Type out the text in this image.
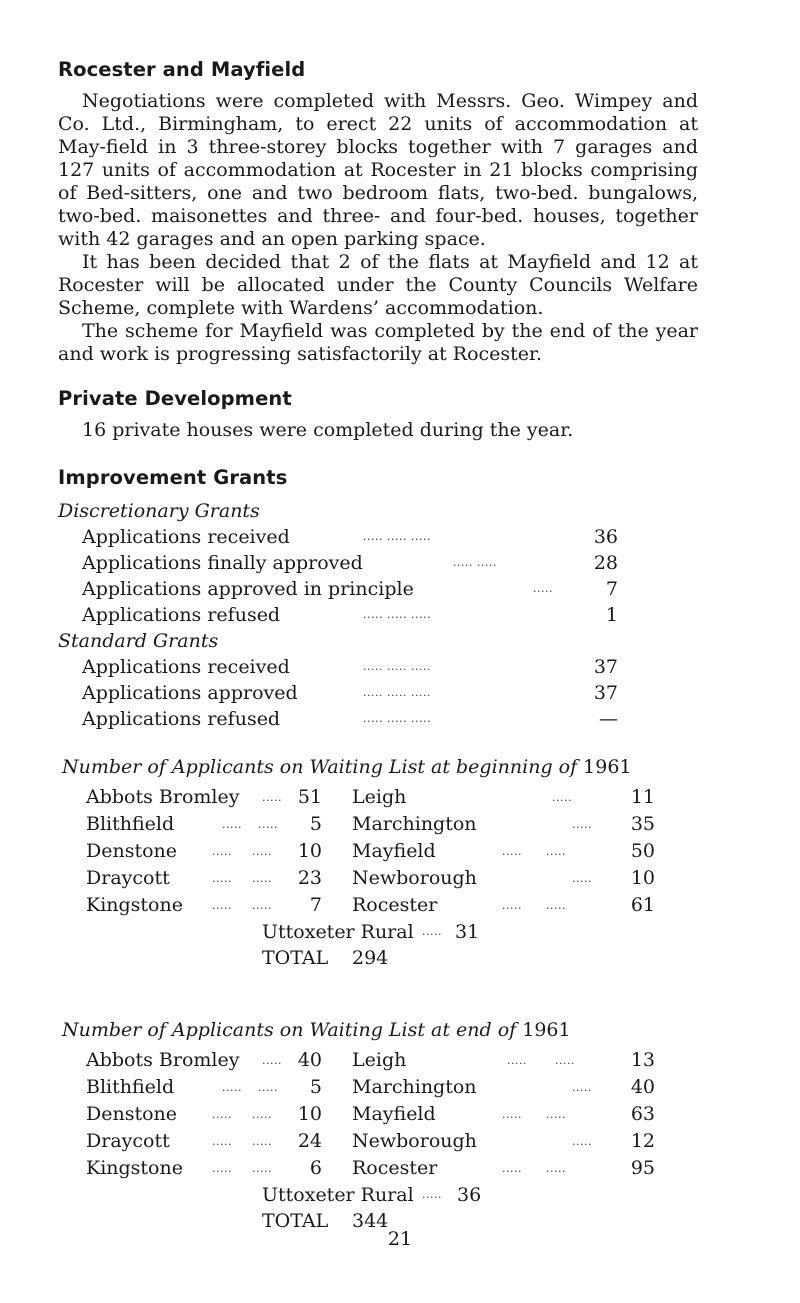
Rocester and Mayfield

Negotiations were completed with Messrs. Geo. Wimpey and Co. Ltd., Birmingham, to erect 22 units of accommodation at May-field in 3 three-storey blocks together with 7 garages and 127 units of accommodation at Rocester in 21 blocks comprising of Bed-sitters, one and two bedroom flats, two-bed. bungalows, two-bed. maisonettes and three- and four-bed. houses, together with 42 garages and an open parking space.

It has been decided that 2 of the flats at Mayfield and 12 at Rocester will be allocated under the County Councils Welfare Scheme, complete with Wardens’ accommodation.

The scheme for Mayfield was completed by the end of the year and work is progressing satisfactorily at Rocester.

Private Development

16 private houses were completed during the year.

Improvement Grants
Discretionary Grants
Applications received	..... ..... .....	36
Applications finally approved	..... .....	28
Applications approved in principle	.....	7
Applications refused	..... ..... .....	1
Standard Grants
Applications received	..... ..... .....	37
Applications approved	..... ..... .....	37
Applications refused	..... ..... .....	—
Number of Applicants on Waiting List at beginning of 1961
Abbots Bromley ..... 51 Leigh	.....	11
Blithfield	.....    .....	5 Marchington	.....	35
Denstone	.....     .....	10 Mayfield	.....      .....	50
Draycott	.....     .....	23 Newborough	.....	10
Kingstone	.....     .....	7 Rocester	.....      .....	61
Uttoxeter Rural ..... 31
TOTAL 294
Number of Applicants on Waiting List at end of 1961
Abbots Bromley ..... 40 Leigh	.....       .....	13
Blithfield	.....    .....	5 Marchington	.....	40
Denstone	.....     .....	10 Mayfield	.....      .....	63
Draycott	.....     .....	24 Newborough	.....	12
Kingstone	.....     .....	6 Rocester	.....      .....	95
Uttoxeter Rural ..... 36
TOTAL 344
21
